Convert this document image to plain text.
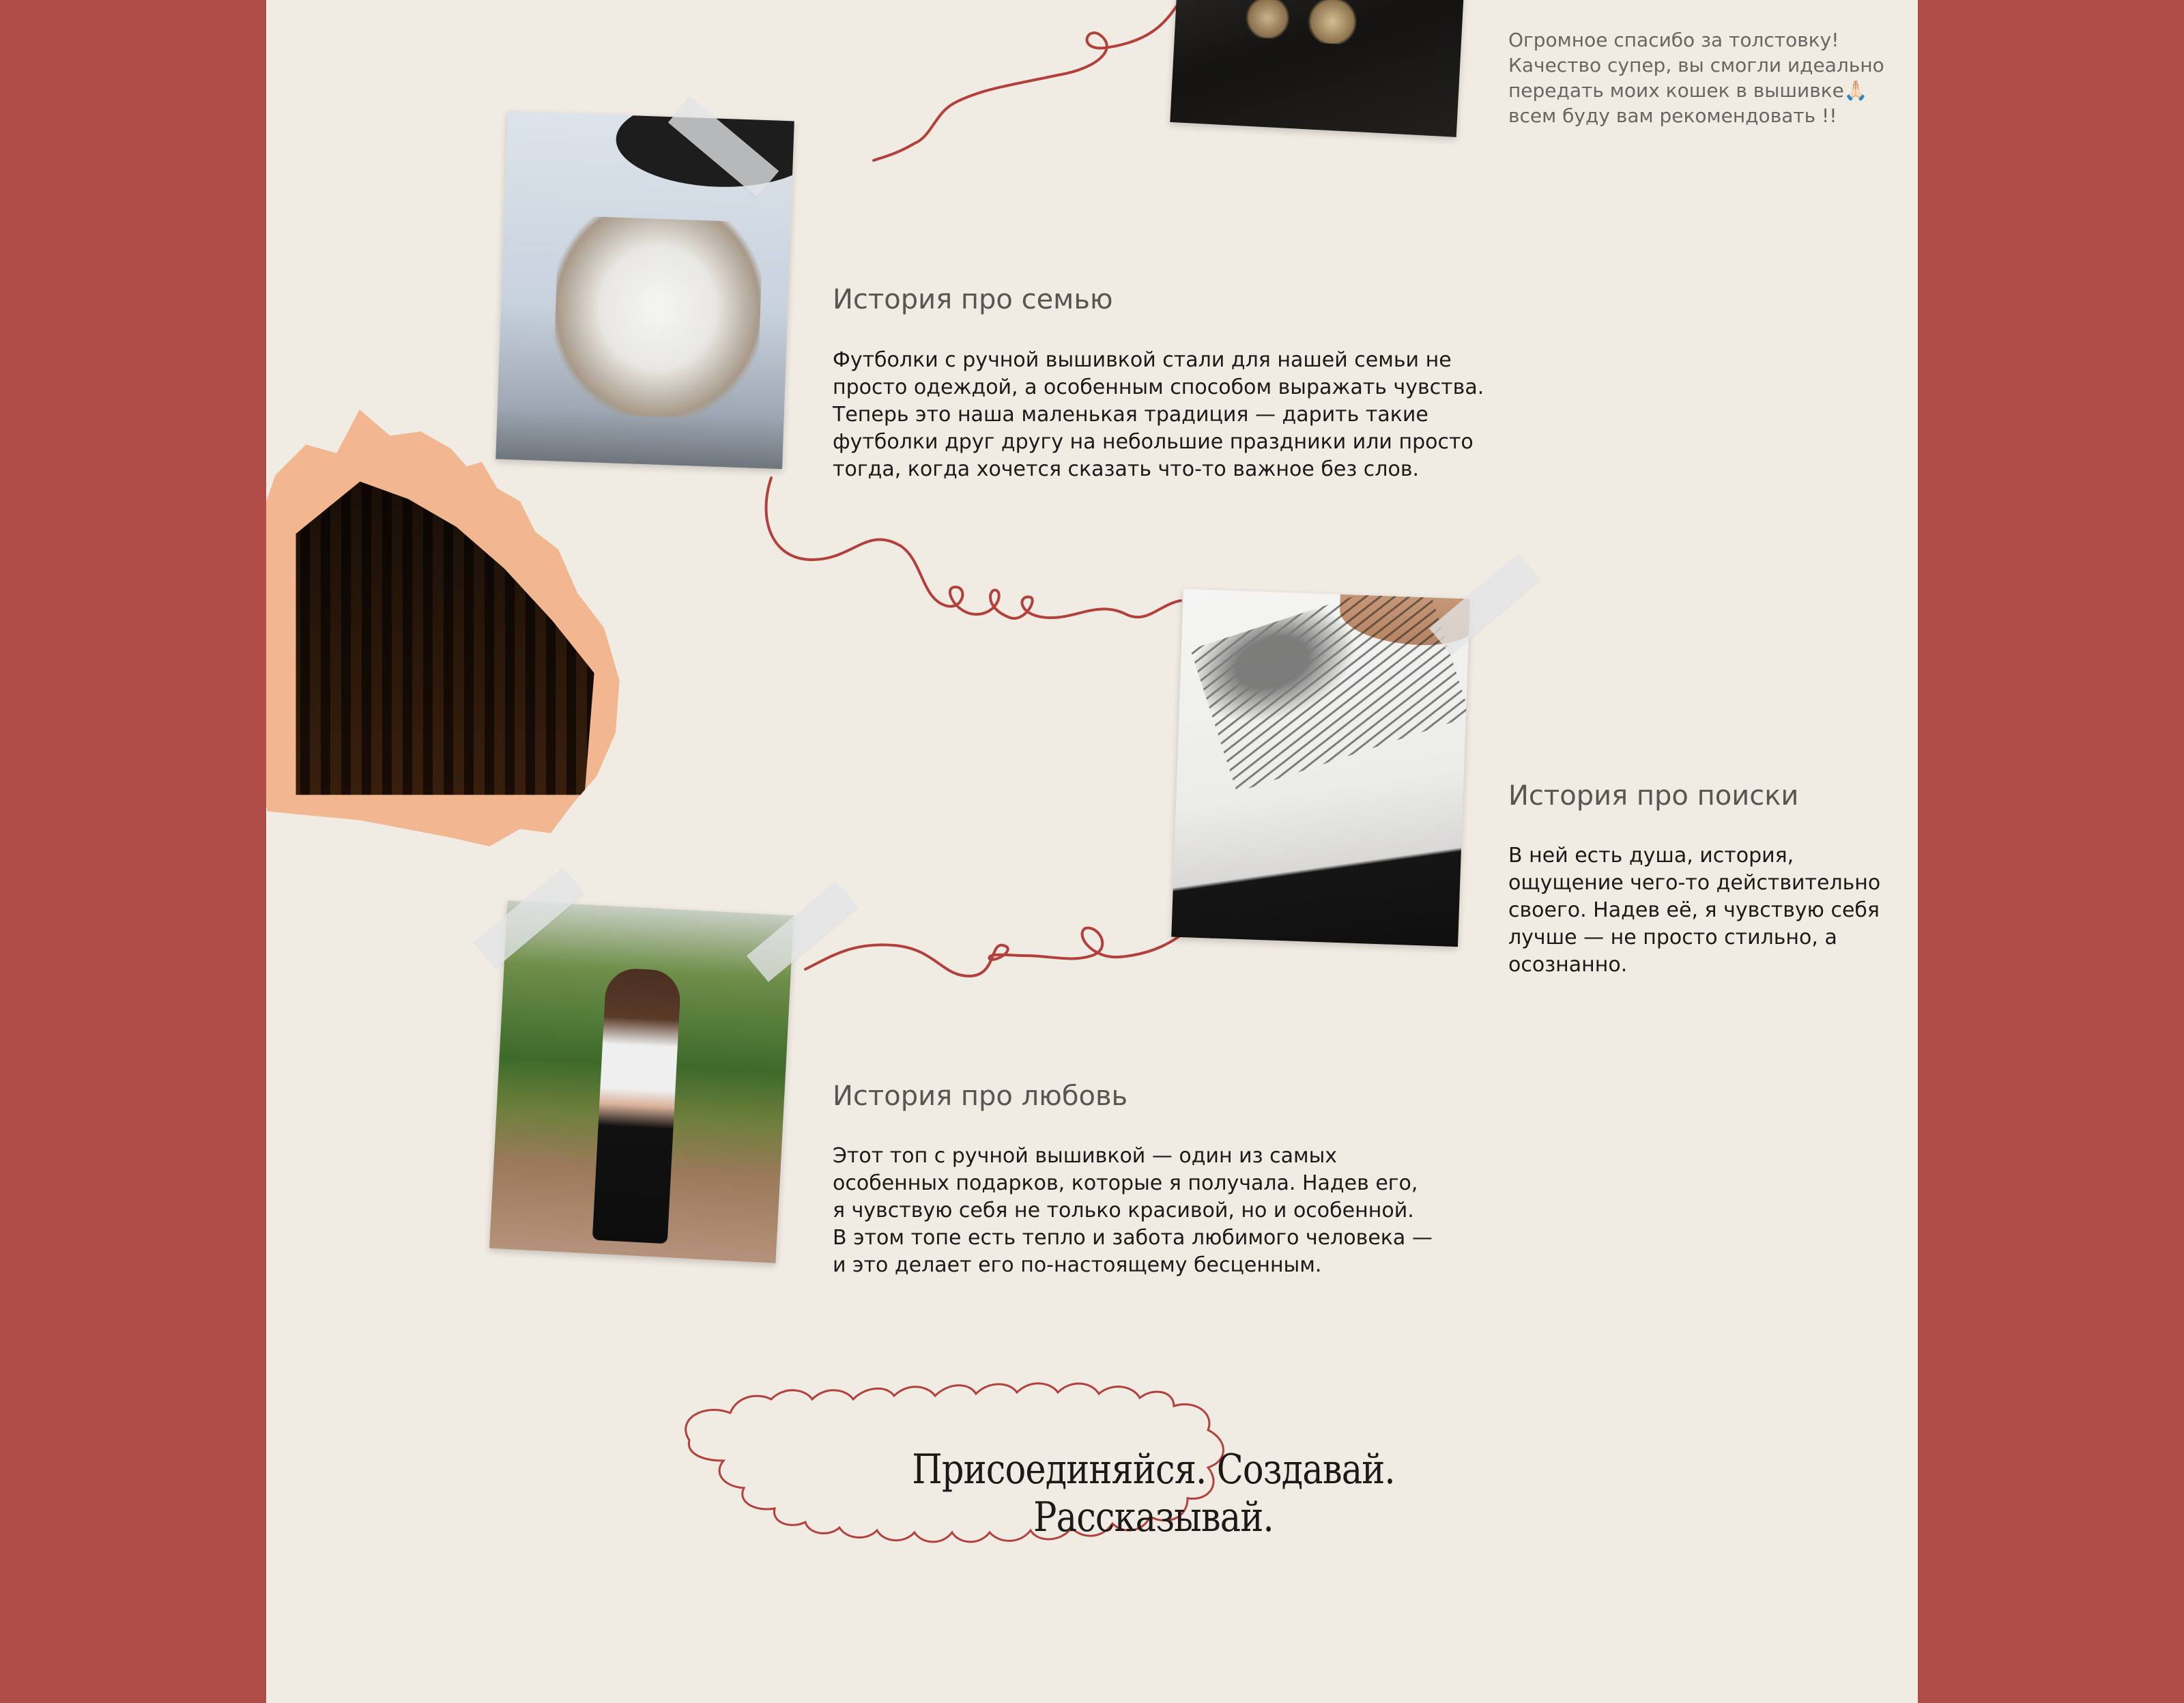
Огромное спасибо за толстовку!
Качество супер, вы смогли идеально передать моих кошек в вышивке🙏🏻
всем буду вам рекомендовать !!

История про семью

Футболки с ручной вышивкой стали для нашей семьи не просто одеждой, а особенным способом выражать чувства. Теперь это наша маленькая традиция — дарить такие футболки друг другу на небольшие праздники или просто тогда, когда хочется сказать что-то важное без слов.

История про поиски

В ней есть душа, история, ощущение чего-то действительно своего. Надев её, я чувствую себя лучше — не просто стильно, а осознанно.

История про любовь

Этот топ с ручной вышивкой — один из самых особенных подарков, которые я получала. Надев его, я чувствую себя не только красивой, но и особенной. В этом топе есть тепло и забота любимого человека — и это делает его по-настоящему бесценным.

Присоединяйся. Создавай. Рассказывай.
